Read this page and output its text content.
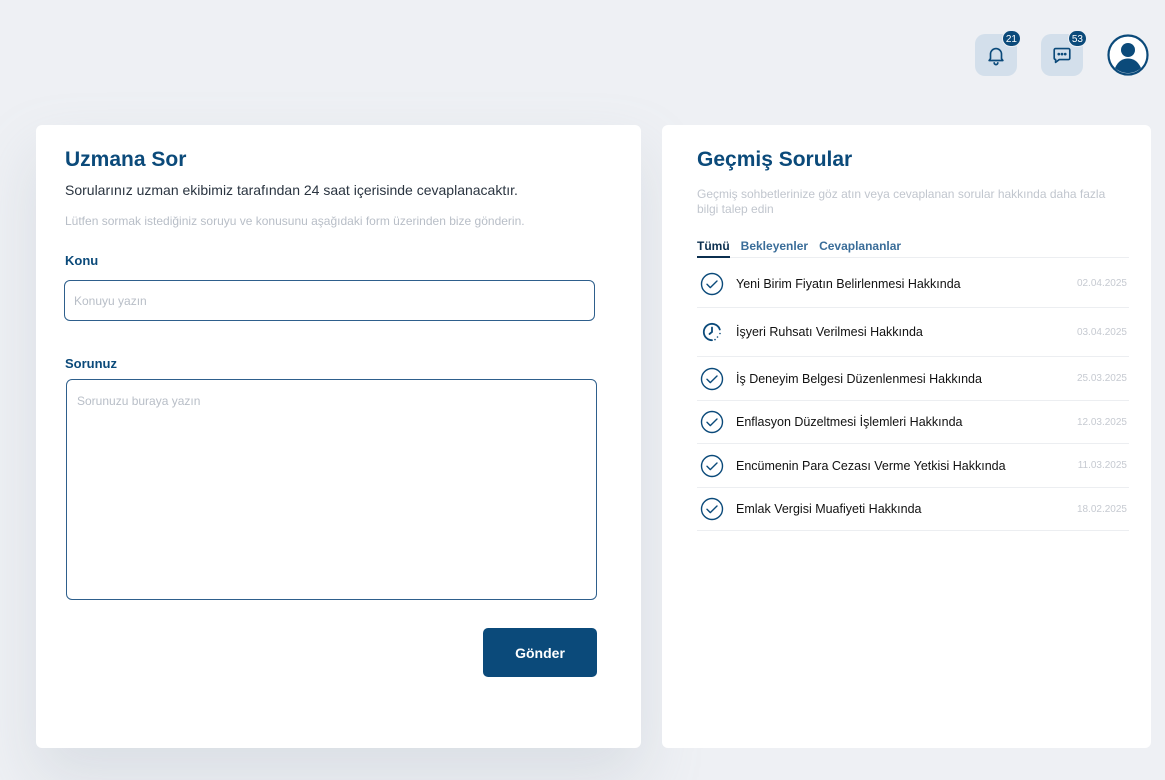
21	53
Uzmana Sor
Sorularınız uzman ekibimiz tarafından 24 saat içerisinde cevaplanacaktır.
Lütfen sormak istediğiniz soruyu ve konusunu aşağıdaki form üzerinden bize gönderin.
Konu
Konuyu yazın
Sorunuz
Sorunuzu buraya yazın
Gönder
Geçmiş Sorular
Geçmiş sohbetlerinize göz atın veya cevaplanan sorular hakkında daha fazla bilgi talep edin
Tümü Bekleyenler Cevaplananlar
Yeni Birim Fiyatın Belirlenmesi Hakkında	02.04.2025
İşyeri Ruhsatı Verilmesi Hakkında	03.04.2025
İş Deneyim Belgesi Düzenlenmesi Hakkında	25.03.2025
Enflasyon Düzeltmesi İşlemleri Hakkında	12.03.2025
Encümenin Para Cezası Verme Yetkisi Hakkında	11.03.2025
Emlak Vergisi Muafiyeti Hakkında	18.02.2025
